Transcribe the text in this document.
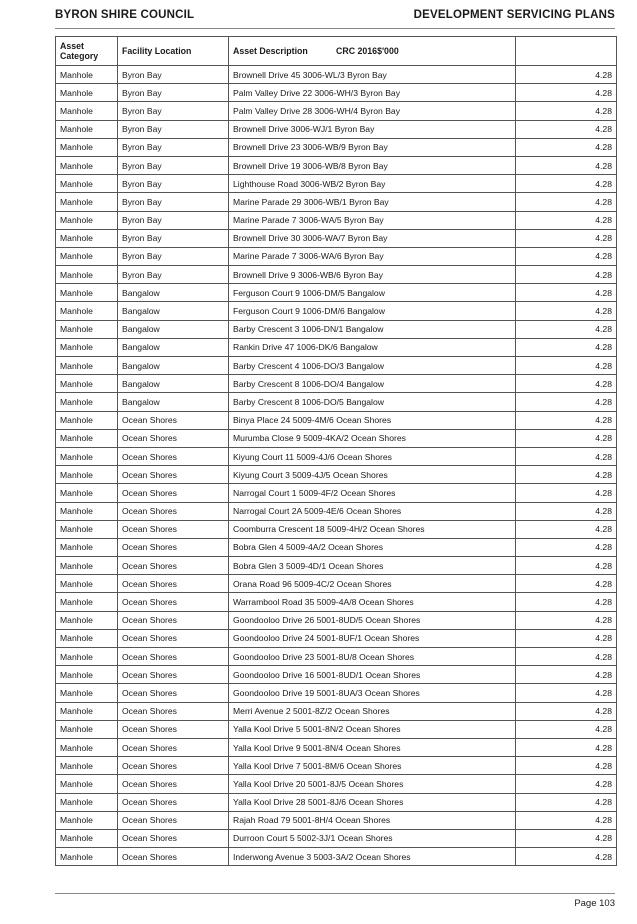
BYRON SHIRE COUNCIL	DEVELOPMENT SERVICING PLANS
Asset Category	Facility Location	Asset Description	CRC 2016$'000
Manhole	Byron Bay	Brownell Drive 45 3006-WL/3 Byron Bay	4.28
Manhole	Byron Bay	Palm Valley Drive 22 3006-WH/3 Byron Bay	4.28
Manhole	Byron Bay	Palm Valley Drive 28 3006-WH/4 Byron Bay	4.28
Manhole	Byron Bay	Brownell Drive 3006-WJ/1 Byron Bay	4.28
Manhole	Byron Bay	Brownell Drive 23 3006-WB/9 Byron Bay	4.28
Manhole	Byron Bay	Brownell Drive 19 3006-WB/8 Byron Bay	4.28
Manhole	Byron Bay	Lighthouse Road 3006-WB/2 Byron Bay	4.28
Manhole	Byron Bay	Marine Parade 29 3006-WB/1 Byron Bay	4.28
Manhole	Byron Bay	Marine Parade 7 3006-WA/5 Byron Bay	4.28
Manhole	Byron Bay	Brownell Drive 30 3006-WA/7 Byron Bay	4.28
Manhole	Byron Bay	Marine Parade 7 3006-WA/6 Byron Bay	4.28
Manhole	Byron Bay	Brownell Drive 9 3006-WB/6 Byron Bay	4.28
Manhole	Bangalow	Ferguson Court 9 1006-DM/5 Bangalow	4.28
Manhole	Bangalow	Ferguson Court 9 1006-DM/6 Bangalow	4.28
Manhole	Bangalow	Barby Crescent 3 1006-DN/1 Bangalow	4.28
Manhole	Bangalow	Rankin Drive 47 1006-DK/6 Bangalow	4.28
Manhole	Bangalow	Barby Crescent 4 1006-DO/3 Bangalow	4.28
Manhole	Bangalow	Barby Crescent 8 1006-DO/4 Bangalow	4.28
Manhole	Bangalow	Barby Crescent 8 1006-DO/5 Bangalow	4.28
Manhole	Ocean Shores	Binya Place 24 5009-4M/6 Ocean Shores	4.28
Manhole	Ocean Shores	Murumba Close 9 5009-4KA/2 Ocean Shores	4.28
Manhole	Ocean Shores	Kiyung Court 11 5009-4J/6 Ocean Shores	4.28
Manhole	Ocean Shores	Kiyung Court 3 5009-4J/5 Ocean Shores	4.28
Manhole	Ocean Shores	Narrogal Court 1 5009-4F/2 Ocean Shores	4.28
Manhole	Ocean Shores	Narrogal Court 2A 5009-4E/6 Ocean Shores	4.28
Manhole	Ocean Shores	Coomburra Crescent 18 5009-4H/2 Ocean Shores	4.28
Manhole	Ocean Shores	Bobra Glen 4 5009-4A/2 Ocean Shores	4.28
Manhole	Ocean Shores	Bobra Glen 3 5009-4D/1 Ocean Shores	4.28
Manhole	Ocean Shores	Orana Road 96 5009-4C/2 Ocean Shores	4.28
Manhole	Ocean Shores	Warrambool Road 35 5009-4A/8 Ocean Shores	4.28
Manhole	Ocean Shores	Goondooloo Drive 26 5001-8UD/5 Ocean Shores	4.28
Manhole	Ocean Shores	Goondooloo Drive 24 5001-8UF/1 Ocean Shores	4.28
Manhole	Ocean Shores	Goondooloo Drive 23 5001-8U/8 Ocean Shores	4.28
Manhole	Ocean Shores	Goondooloo Drive 16 5001-8UD/1 Ocean Shores	4.28
Manhole	Ocean Shores	Goondooloo Drive 19 5001-8UA/3 Ocean Shores	4.28
Manhole	Ocean Shores	Merri Avenue 2 5001-8Z/2 Ocean Shores	4.28
Manhole	Ocean Shores	Yalla Kool Drive 5 5001-8N/2 Ocean Shores	4.28
Manhole	Ocean Shores	Yalla Kool Drive 9 5001-8N/4 Ocean Shores	4.28
Manhole	Ocean Shores	Yalla Kool Drive 7 5001-8M/6 Ocean Shores	4.28
Manhole	Ocean Shores	Yalla Kool Drive 20 5001-8J/5 Ocean Shores	4.28
Manhole	Ocean Shores	Yalla Kool Drive 28 5001-8J/6 Ocean Shores	4.28
Manhole	Ocean Shores	Rajah Road 79 5001-8H/4 Ocean Shores	4.28
Manhole	Ocean Shores	Durroon Court 5 5002-3J/1 Ocean Shores	4.28
Manhole	Ocean Shores	Inderwong Avenue 3 5003-3A/2 Ocean Shores	4.28
Page 103
